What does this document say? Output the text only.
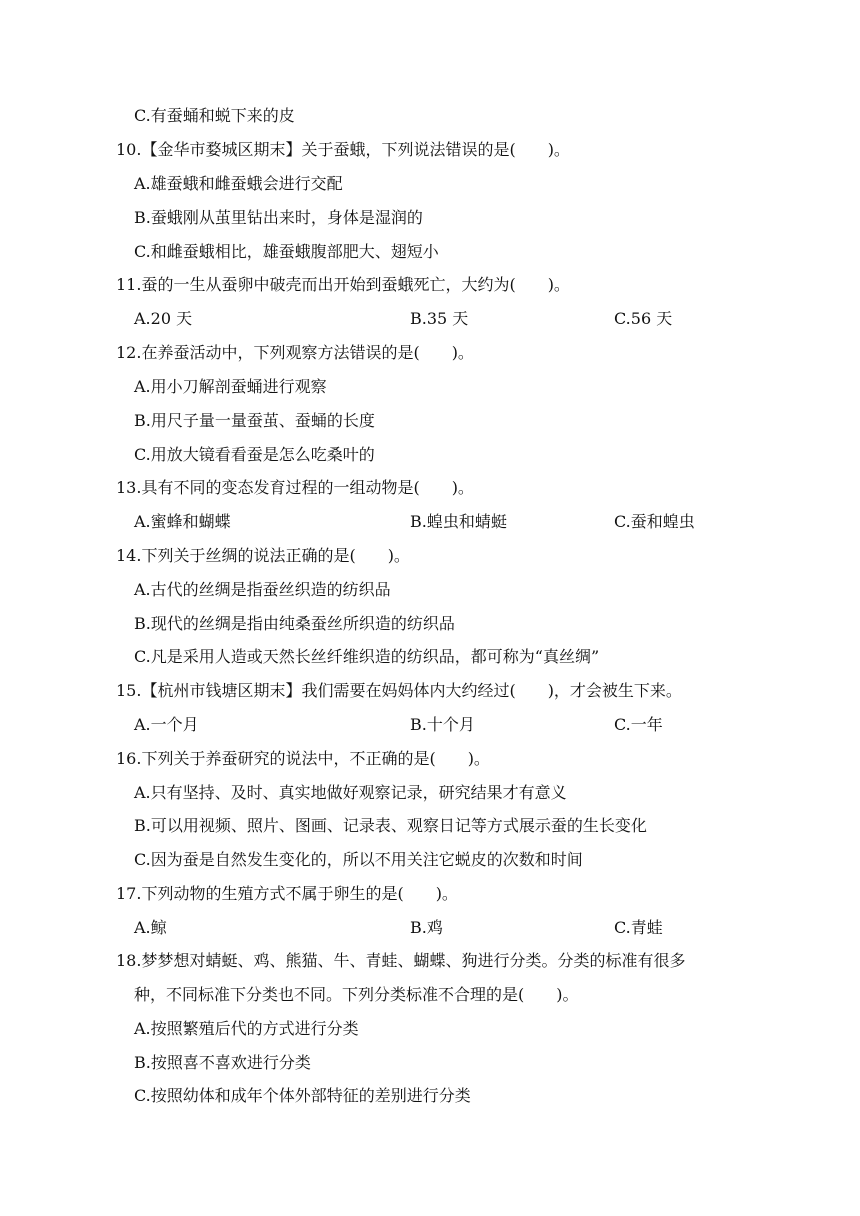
C.有蚕蛹和蜕下来的皮
10.【金华市婺城区期末】关于蚕蛾，下列说法错误的是(　　)。
A.雄蚕蛾和雌蚕蛾会进行交配
B.蚕蛾刚从茧里钻出来时，身体是湿润的
C.和雌蚕蛾相比，雄蚕蛾腹部肥大、翅短小
11.蚕的一生从蚕卵中破壳而出开始到蚕蛾死亡，大约为(　　)。
A.20 天	B.35 天	C.56 天
12.在养蚕活动中，下列观察方法错误的是(　　)。
A.用小刀解剖蚕蛹进行观察
B.用尺子量一量蚕茧、蚕蛹的长度
C.用放大镜看看蚕是怎么吃桑叶的
13.具有不同的变态发育过程的一组动物是(　　)。
A.蜜蜂和蝴蝶	B.蝗虫和蜻蜓	C.蚕和蝗虫
14.下列关于丝绸的说法正确的是(　　)。
A.古代的丝绸是指蚕丝织造的纺织品
B.现代的丝绸是指由纯桑蚕丝所织造的纺织品
C.凡是采用人造或天然长丝纤维织造的纺织品，都可称为“真丝绸”
15.【杭州市钱塘区期末】我们需要在妈妈体内大约经过(　　)，才会被生下来。
A.一个月	B.十个月	C.一年
16.下列关于养蚕研究的说法中，不正确的是(　　)。
A.只有坚持、及时、真实地做好观察记录，研究结果才有意义
B.可以用视频、照片、图画、记录表、观察日记等方式展示蚕的生长变化
C.因为蚕是自然发生变化的，所以不用关注它蜕皮的次数和时间
17.下列动物的生殖方式不属于卵生的是(　　)。
A.鲸	B.鸡	C.青蛙
18.梦梦想对蜻蜓、鸡、熊猫、牛、青蛙、蝴蝶、狗进行分类。分类的标准有很多
种，不同标准下分类也不同。下列分类标准不合理的是(　　)。
A.按照繁殖后代的方式进行分类
B.按照喜不喜欢进行分类
C.按照幼体和成年个体外部特征的差别进行分类
